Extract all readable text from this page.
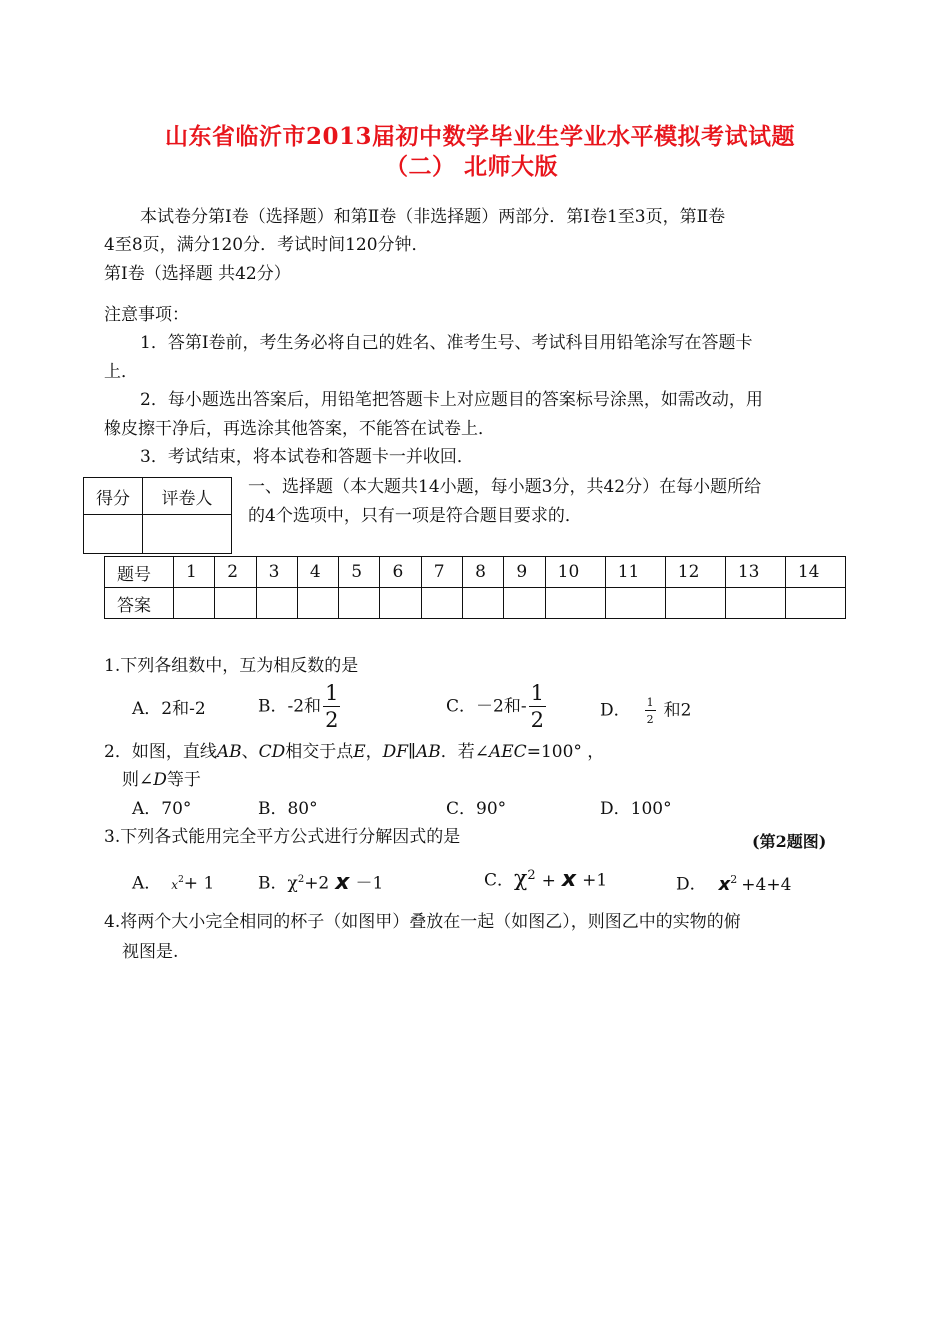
山东省临沂市2013届初中数学毕业生学业水平模拟考试试题
（二） 北师大版
本试卷分第Ⅰ卷（选择题）和第Ⅱ卷（非选择题）两部分．第Ⅰ卷1至3页，第Ⅱ卷
4至8页，满分120分．考试时间120分钟．
第Ⅰ卷（选择题 共42分）
注意事项：
1．答第Ⅰ卷前，考生务必将自己的姓名、准考生号、考试科目用铅笔涂写在答题卡
上．
2．每小题选出答案后，用铅笔把答题卡上对应题目的答案标号涂黑，如需改动，用
橡皮擦干净后，再选涂其他答案，不能答在试卷上．
3．考试结束，将本试卷和答题卡一并收回．
得分	评卷人

一、选择题（本大题共14小题，每小题3分，共42分）在每小题所给
的4个选项中，只有一项是符合题目要求的．
题号	1	2	3	4	5	6	7	8	9	10	11	12	13	14
答案														
1.下列各组数中，互为相反数的是
A．2和-2	B．-2和 $\frac{1}{2}$	C．－2和- $\frac{1}{2}$	D． $\frac{1}{2}$ 和2
2．如图，直线AB、CD相交于点E，DF∥AB．若∠AEC=100° ，
则∠D等于
A．70°	B．80°	C．90°	D．100°
3.下列各式能用完全平方公式进行分解因式的是	(第2题图)
A． $x^2+ 1$	B．$\chi^2+2$ x －1	C．$\chi^2 + x +1$	D． $x^2 +4+4$
4.将两个大小完全相同的杯子（如图甲）叠放在一起（如图乙），则图乙中的实物的俯
视图是.
